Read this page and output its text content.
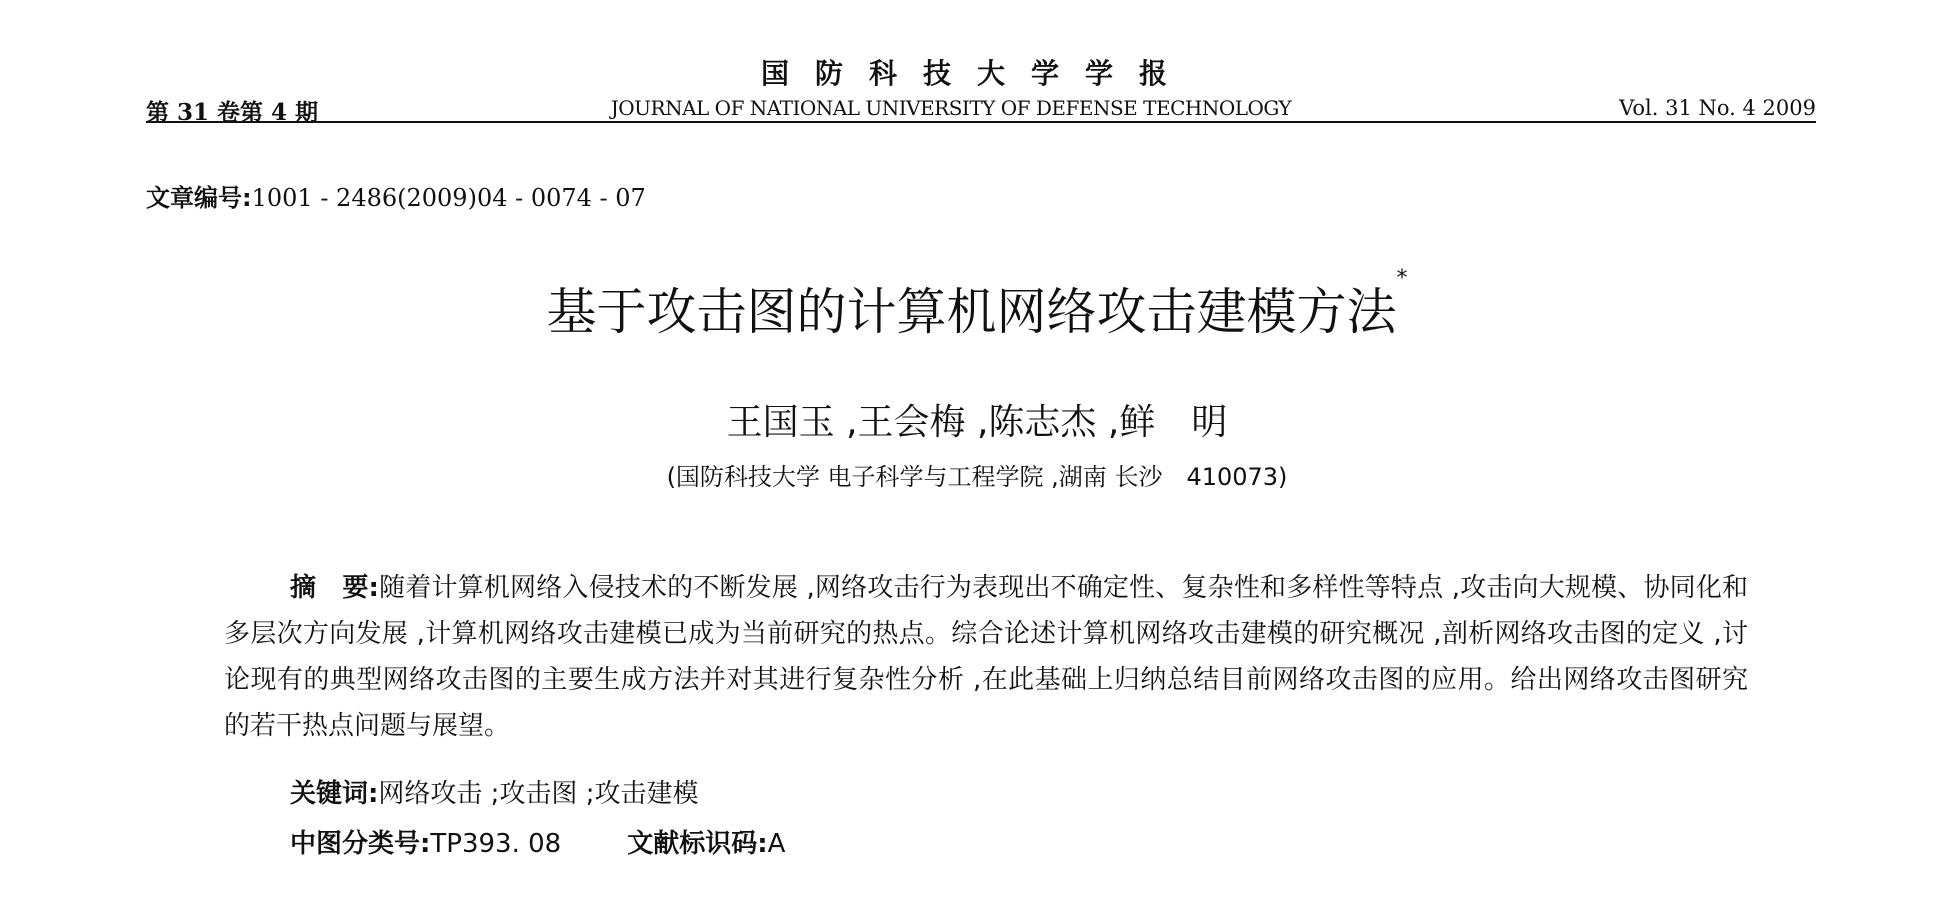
国防科技大学学报
第 31 卷第 4 期	JOURNAL OF NATIONAL UNIVERSITY OF DEFENSE TECHNOLOGY	Vol. 31 No. 4 2009
文章编号:1001 - 2486(2009)04 - 0074 - 07
基于攻击图的计算机网络攻击建模方法*
王国玉 ,王会梅 ,陈志杰 ,鲜　明
(国防科技大学 电子科学与工程学院 ,湖南 长沙　410073)
摘　要:随着计算机网络入侵技术的不断发展 ,网络攻击行为表现出不确定性、复杂性和多样性等特点 ,攻击向大规模、协同化和多层次方向发展 ,计算机网络攻击建模已成为当前研究的热点。综合论述计算机网络攻击建模的研究概况 ,剖析网络攻击图的定义 ,讨论现有的典型网络攻击图的主要生成方法并对其进行复杂性分析 ,在此基础上归纳总结目前网络攻击图的应用。给出网络攻击图研究的若干热点问题与展望。
关键词:网络攻击 ;攻击图 ;攻击建模
中图分类号:TP393. 08	文献标识码:A
